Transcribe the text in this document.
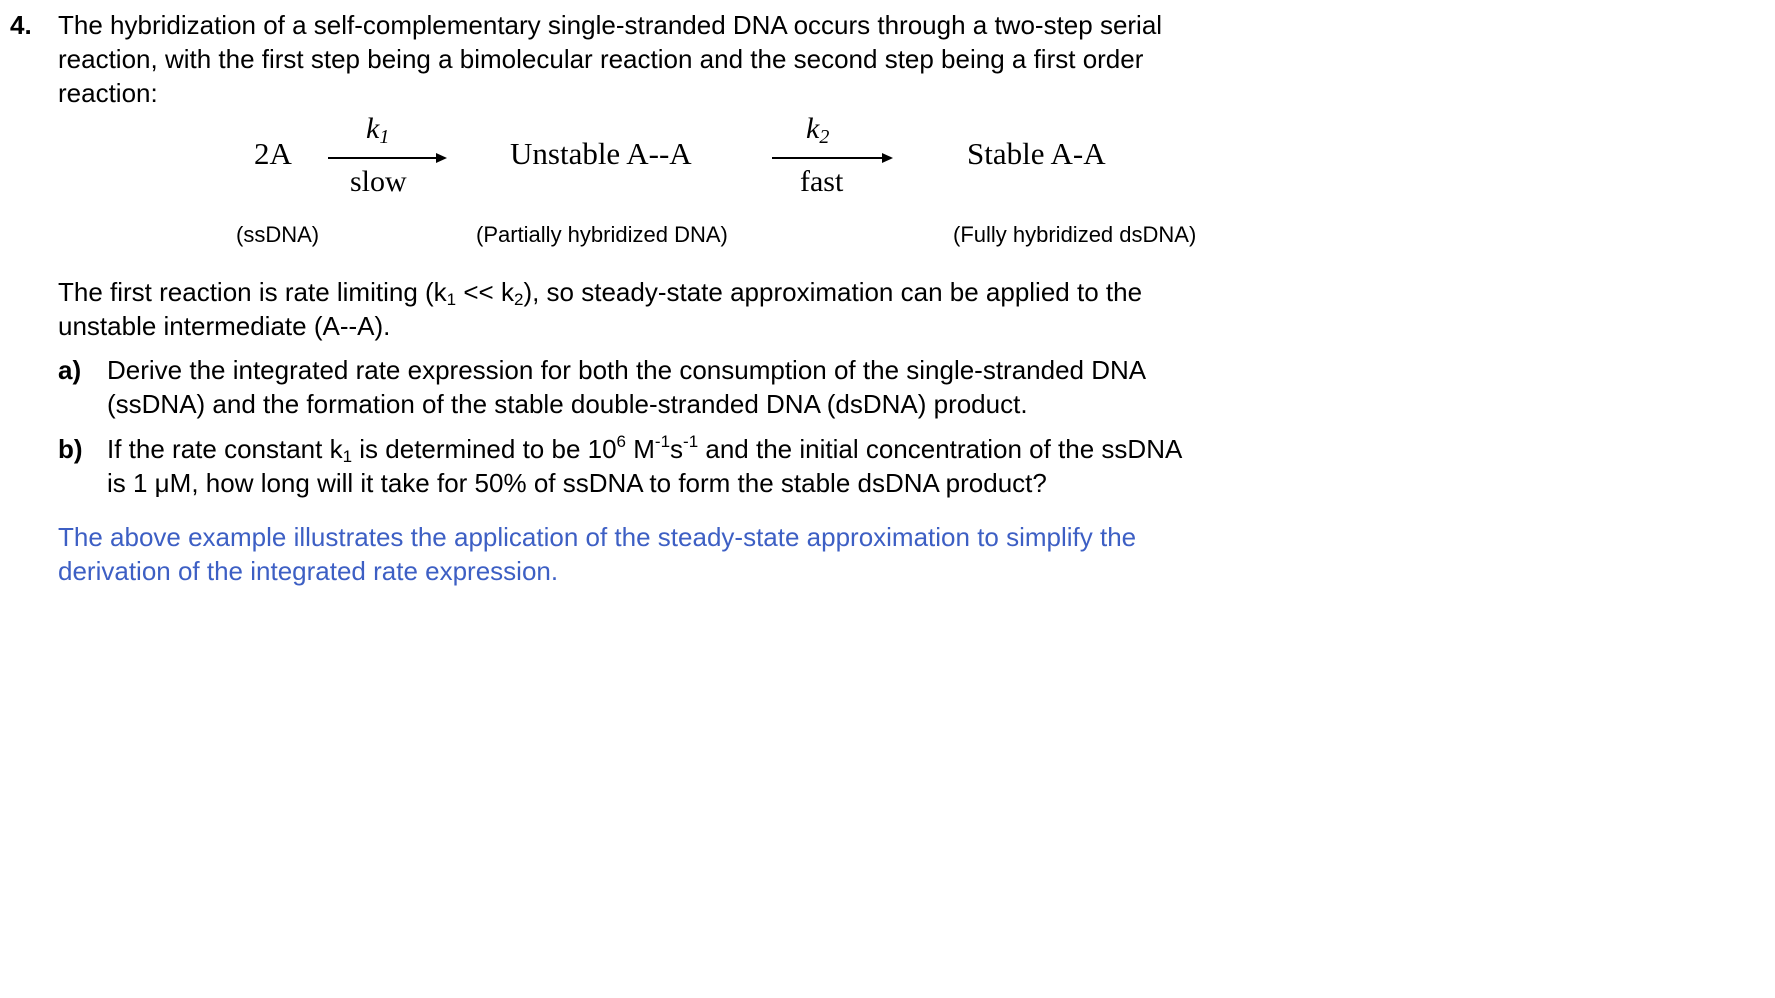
4. The hybridization of a self-complementary single-stranded DNA occurs through a two-step serial
reaction, with the first step being a bimolecular reaction and the second step being a first order
reaction:
2A
$k_1$
slow
Unstable A--A
$k_2$
fast
Stable A-A
(ssDNA)	(Partially hybridized DNA)	(Fully hybridized dsDNA)
The first reaction is rate limiting $(k_1 << k_2)$, so steady-state approximation can be applied to the
unstable intermediate (A--A).
a) Derive the integrated rate expression for both the consumption of the single-stranded DNA
(ssDNA) and the formation of the stable double-stranded DNA (dsDNA) product.
b) If the rate constant $k_1$ is determined to be $10^6$ $M^{-1}s^{-1}$ and the initial concentration of the ssDNA
is 1 μM, how long will it take for 50% of ssDNA to form the stable dsDNA product?
The above example illustrates the application of the steady-state approximation to simplify the
derivation of the integrated rate expression.
